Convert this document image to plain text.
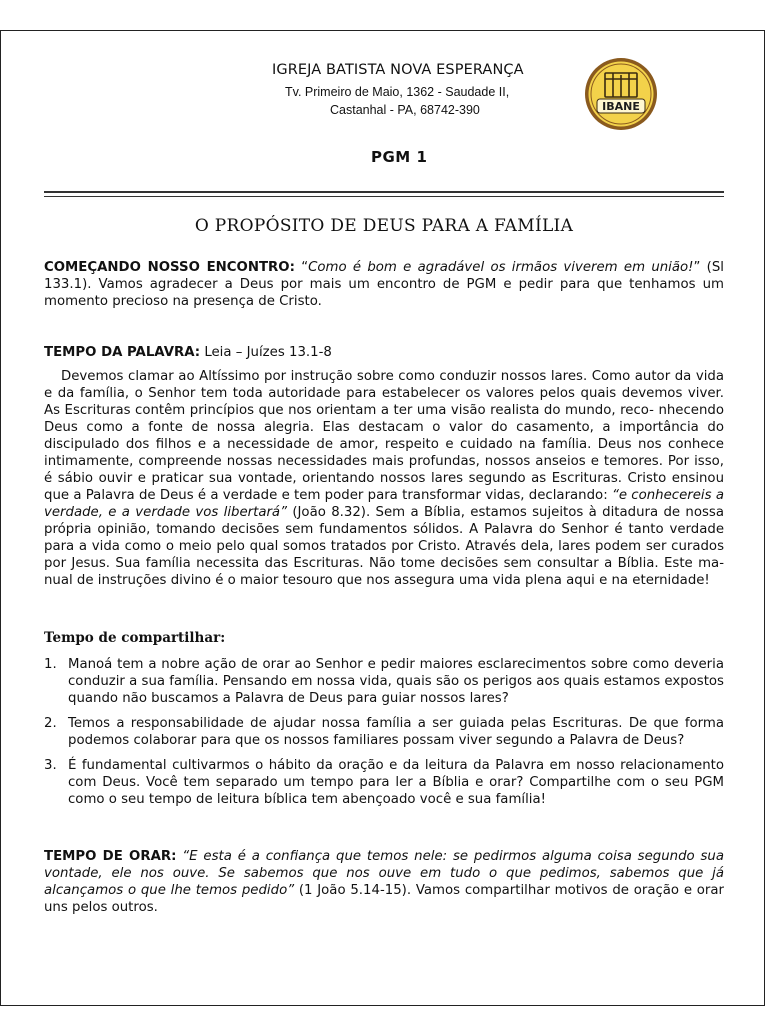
IGREJA BATISTA NOVA ESPERANÇA
Tv. Primeiro de Maio, 1362 - Saudade II,
Castanhal - PA, 68742-390	IBANE
PGM 1
O PROPÓSITO DE DEUS PARA A FAMÍLIA
COMEÇANDO NOSSO ENCONTRO: “Como é bom e agradável os irmãos viverem em união!” (Sl 133.1). Vamos agradecer a Deus por mais um encontro de PGM e pedir para que tenhamos um momento precioso na presença de Cristo.
TEMPO DA PALAVRA: Leia – Juízes 13.1-8

Devemos clamar ao Altíssimo por instrução sobre como conduzir nossos lares. Como autor da vida e da família, o Senhor tem toda autoridade para estabelecer os valores pelos quais devemos viver. As Escrituras contêm princípios que nos orientam a ter uma visão realista do mundo, reco- nhecendo Deus como a fonte de nossa alegria. Elas destacam o valor do casamento, a importância do discipulado dos filhos e a necessidade de amor, respeito e cuidado na família. Deus nos conhece intimamente, compreende nossas necessidades mais profundas, nossos anseios e temores. Por isso, é sábio ouvir e praticar sua vontade, orientando nossos lares segundo as Escrituras. Cristo ensinou que a Palavra de Deus é a verdade e tem poder para transformar vidas, declarando: “e conhecereis a verdade, e a verdade vos libertará” (João 8.32). Sem a Bíblia, estamos sujeitos à ditadura de nossa própria opinião, tomando decisões sem fundamentos sólidos. A Palavra do Senhor é tanto verdade para a vida como o meio pelo qual somos tratados por Cristo. Através dela, lares podem ser curados por Jesus. Sua família necessita das Escrituras. Não tome decisões sem consultar a Bíblia. Este ma- nual de instruções divino é o maior tesouro que nos assegura uma vida plena aqui e na eternidade!

Tempo de compartilhar:
1. Manoá tem a nobre ação de orar ao Senhor e pedir maiores esclarecimentos sobre como deveria conduzir a sua família. Pensando em nossa vida, quais são os perigos aos quais estamos expostos quando não buscamos a Palavra de Deus para guiar nossos lares?
2. Temos a responsabilidade de ajudar nossa família a ser guiada pelas Escrituras. De que forma podemos colaborar para que os nossos familiares possam viver segundo a Palavra de Deus?
3. É fundamental cultivarmos o hábito da oração e da leitura da Palavra em nosso relacionamento com Deus. Você tem separado um tempo para ler a Bíblia e orar? Compartilhe com o seu PGM como o seu tempo de leitura bíblica tem abençoado você e sua família!
TEMPO DE ORAR: “E esta é a confiança que temos nele: se pedirmos alguma coisa segundo sua vontade, ele nos ouve. Se sabemos que nos ouve em tudo o que pedimos, sabemos que já alcançamos o que lhe temos pedido” (1 João 5.14-15). Vamos compartilhar motivos de oração e orar uns pelos outros.
